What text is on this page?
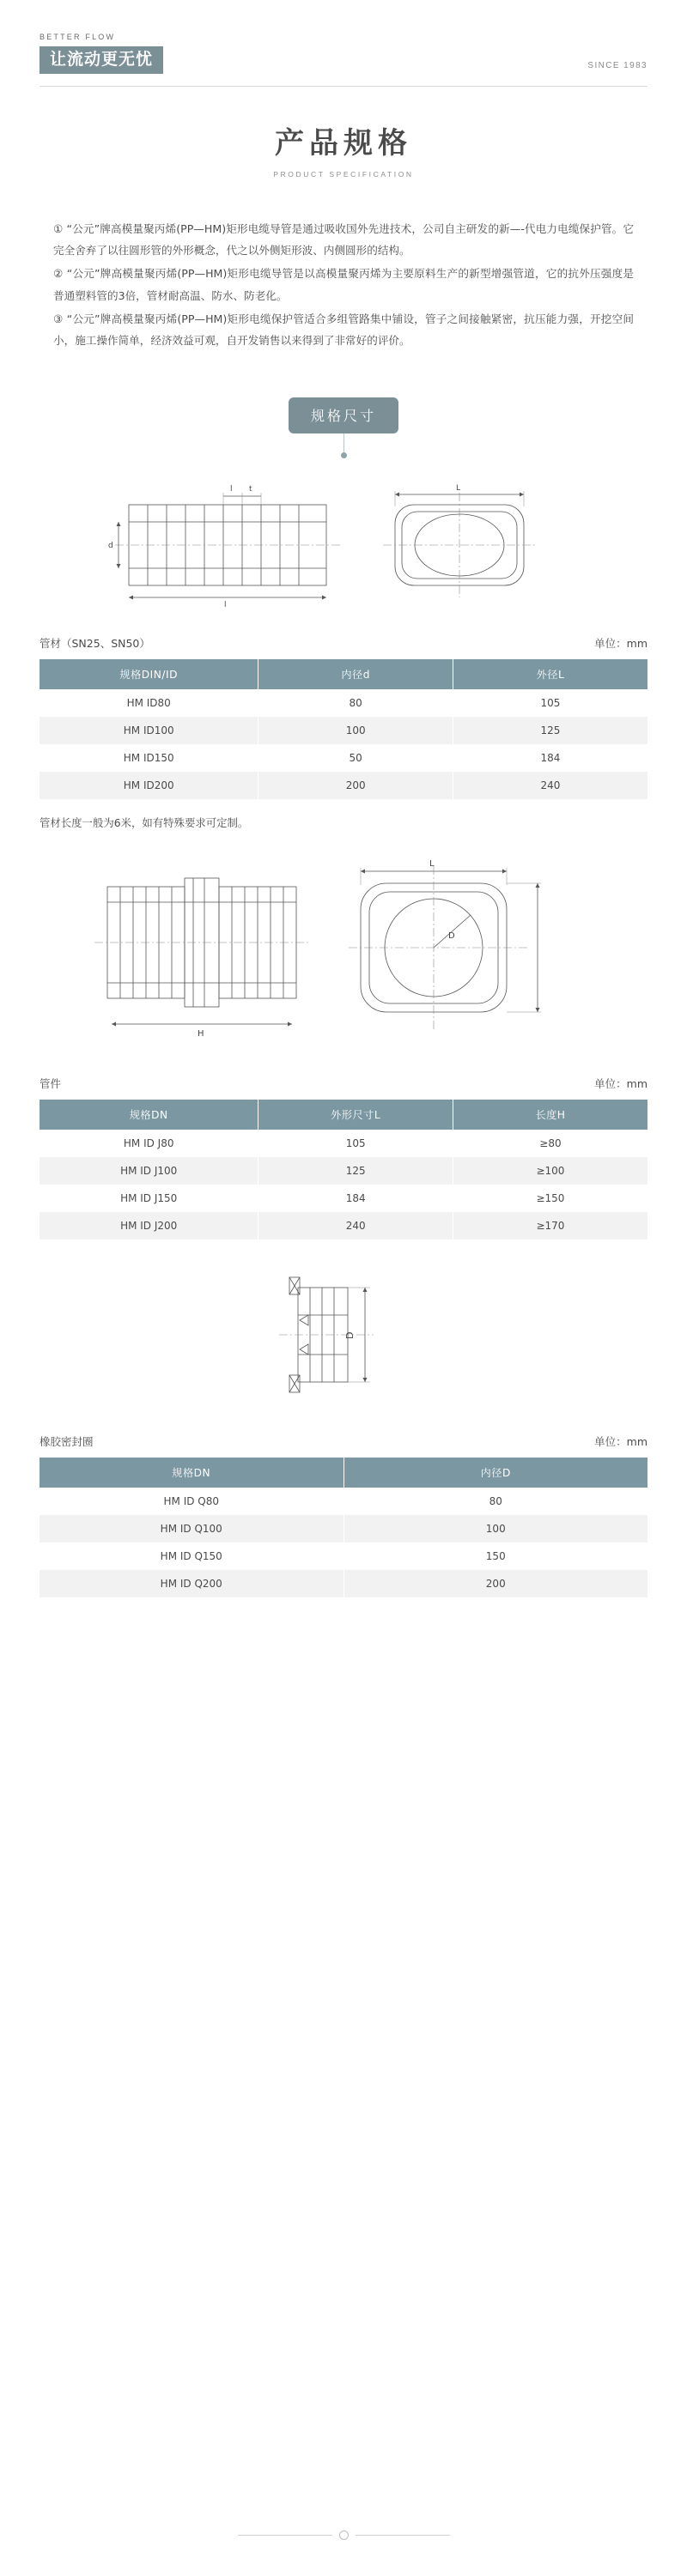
BETTER FLOW
让流动更无忧	SINCE 1983
产品规格
PRODUCT SPECIFICATION

① “公元”牌高模量聚丙烯(PP—HM)矩形电缆导管是通过吸收国外先进技术，公司自主研发的新—-代电力电缆保护管。它完全舍弃了以往圆形管的外形概念，代之以外侧矩形波、内侧圆形的结构。

② “公元”牌高模量聚丙烯(PP—HM)矩形电缆导管是以高模量聚丙烯为主要原料生产的新型增强管道，它的抗外压强度是普通塑料管的3倍，管材耐高温、防水、防老化。

③ “公元”牌高模量聚丙烯(PP—HM)矩形电缆保护管适合多组管路集中铺设，管子之间接触紧密，抗压能力强，开挖空间小，施工操作简单，经济效益可观，自开发销售以来得到了非常好的评价。

规格尺寸
d
l
l t	L
管材（SN25、SN50）	单位：mm
规格DIN/ID	内径d	外径L
HM ID80	80	105
HM ID100	100	125
HM ID150	50	184
HM ID200	200	240
管材长度一般为6米，如有特殊要求可定制。
L
D
H
管件	单位：mm
规格DN	外形尺寸L	长度H
HM ID J80	105	≥80
HM ID J100	125	≥100
HM ID J150	184	≥150
HM ID J200	240	≥170
D
橡胶密封圈	单位：mm
规格DN	内径D
HM ID Q80	80
HM ID Q100	100
HM ID Q150	150
HM ID Q200	200
